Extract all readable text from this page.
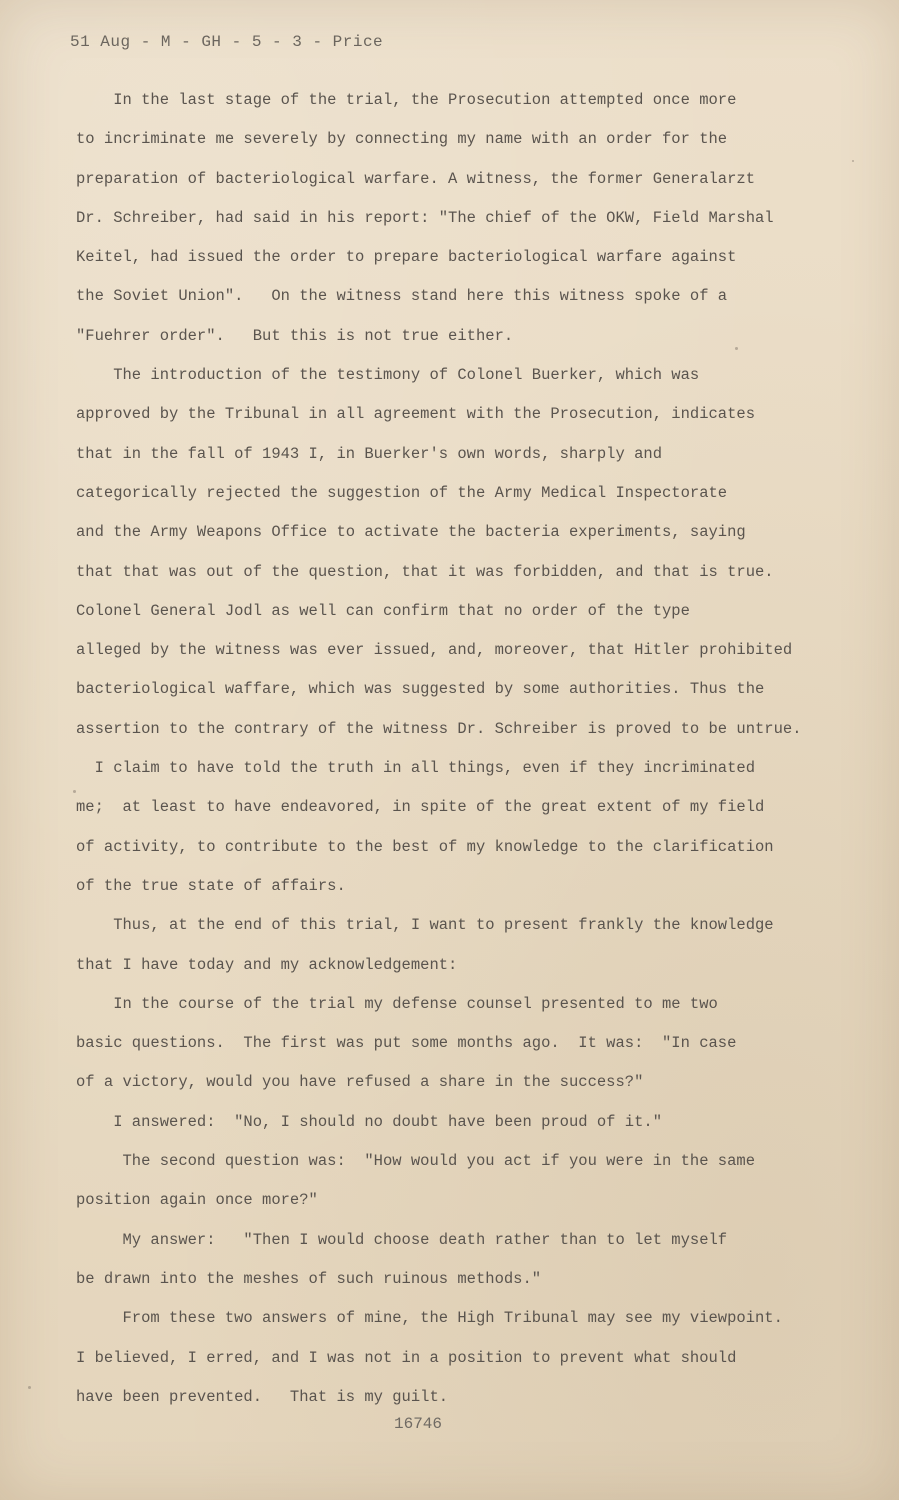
51 Aug - M - GH - 5 - 3 - Price
In the last stage of the trial, the Prosecution attempted once more
to incriminate me severely by connecting my name with an order for the
preparation of bacteriological warfare. A witness, the former Generalarzt
Dr. Schreiber, had said in his report: "The chief of the OKW, Field Marshal
Keitel, had issued the order to prepare bacteriological warfare against
the Soviet Union".   On the witness stand here this witness spoke of a
"Fuehrer order".   But this is not true either.
The introduction of the testimony of Colonel Buerker, which was
approved by the Tribunal in all agreement with the Prosecution, indicates
that in the fall of 1943 I, in Buerker's own words, sharply and
categorically rejected the suggestion of the Army Medical Inspectorate
and the Army Weapons Office to activate the bacteria experiments, saying
that that was out of the question, that it was forbidden, and that is true.
Colonel General Jodl as well can confirm that no order of the type
alleged by the witness was ever issued, and, moreover, that Hitler prohibited
bacteriological waffare, which was suggested by some authorities. Thus the
assertion to the contrary of the witness Dr. Schreiber is proved to be untrue.
I claim to have told the truth in all things, even if they incriminated
me;  at least to have endeavored, in spite of the great extent of my field
of activity, to contribute to the best of my knowledge to the clarification
of the true state of affairs.
Thus, at the end of this trial, I want to present frankly the knowledge
that I have today and my acknowledgement:
In the course of the trial my defense counsel presented to me two
basic questions.  The first was put some months ago.  It was:  "In case
of a victory, would you have refused a share in the success?"
I answered:  "No, I should no doubt have been proud of it."
The second question was:  "How would you act if you were in the same
position again once more?"
My answer:   "Then I would choose death rather than to let myself
be drawn into the meshes of such ruinous methods."
From these two answers of mine, the High Tribunal may see my viewpoint.
I believed, I erred, and I was not in a position to prevent what should
have been prevented.   That is my guilt.
16746
